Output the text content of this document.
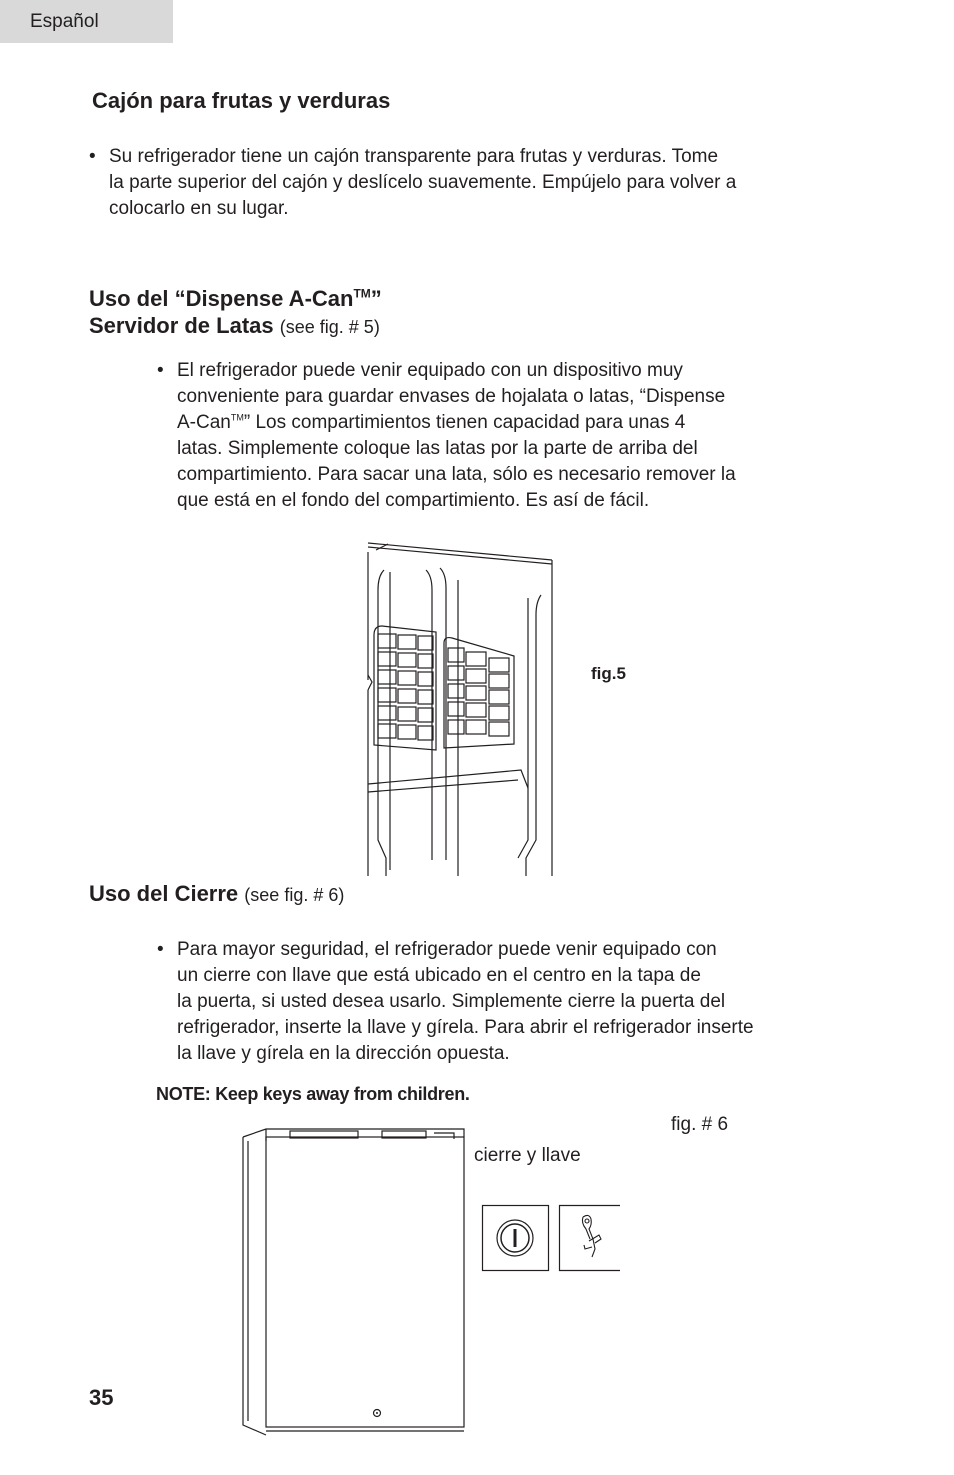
Español
Cajón para frutas y verduras
• Su refrigerador tiene un cajón transparente para frutas y verduras. Tome
la parte superior del cajón y deslícelo suavemente. Empújelo para volver a
colocarlo en su lugar.
Uso del “Dispense A-Can™”
Servidor de Latas (see fig. # 5)
• El refrigerador puede venir equipado con un dispositivo muy
conveniente para guardar envases de hojalata o latas, “Dispense
A-Can™” Los compartimientos tienen capacidad para unas 4
latas. Simplemente coloque las latas por la parte de arriba del
compartimiento. Para sacar una lata, sólo es necesario remover la
que está en el fondo del compartimiento. Es así de fácil.
fig.5
Uso del Cierre (see fig. # 6)
• Para mayor seguridad, el refrigerador puede venir equipado con
un cierre con llave que está ubicado en el centro en la tapa de
la puerta, si usted desea usarlo. Simplemente cierre la puerta del
refrigerador, inserte la llave y gírela. Para abrir el refrigerador inserte
la llave y gírela en la dirección opuesta.
NOTE: Keep keys away from children.
fig. # 6
cierre y llave
35
